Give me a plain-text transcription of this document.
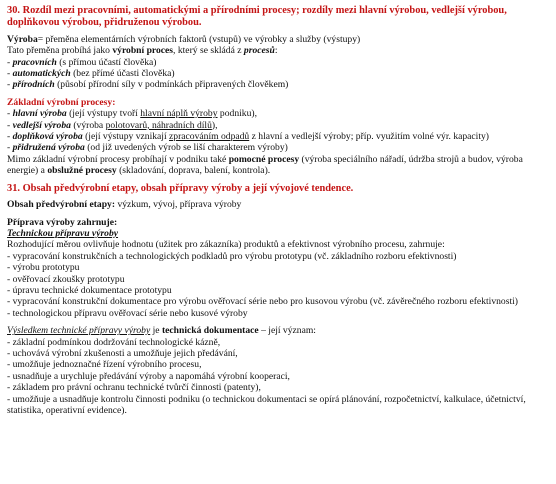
30. Rozdíl mezi pracovními, automatickými a přírodními procesy; rozdíly mezi hlavní výrobou, vedlejší výrobou, doplňkovou výrobou, přidruženou výrobou.
Výroba= přeměna elementárních výrobních faktorů (vstupů) ve výrobky a služby (výstupy)
Tato přeměna probíhá jako výrobní proces, který se skládá z procesů:
- pracovních (s přímou účastí člověka)
- automatických (bez přímé účasti člověka)
- přírodních (působí přírodní síly v podmínkách připravených člověkem)
Základní výrobní procesy:
- hlavní výroba (její výstupy tvoří hlavní náplň výroby podniku),
- vedlejší výroba (výroba polotovarů, náhradních dílů),
- doplňková výroba (její výstupy vznikají zpracováním odpadů z hlavní a vedlejší výroby; příp. využitím volné výr. kapacity)
- přidružená výroba (od již uvedených výrob se liší charakterem výroby)
Mimo základní výrobní procesy probíhají v podniku také pomocné procesy (výroba speciálního nářadí, údržba strojů a budov, výroba energie) a obslužné procesy (skladování, doprava, balení, kontrola).
31. Obsah předvýrobní etapy, obsah přípravy výroby a její vývojové tendence.
Obsah předvýrobní etapy: výzkum, vývoj, příprava výroby
Příprava výroby zahrnuje:
Technickou přípravu výroby
Rozhodující měrou ovlivňuje hodnotu (užitek pro zákazníka) produktů a efektivnost výrobního procesu, zahrnuje:
- vypracování konstrukčních a technologických podkladů pro výrobu prototypu (vč. základního rozboru efektivnosti)
- výrobu prototypu
- ověřovací zkoušky prototypu
- úpravu technické dokumentace prototypu
- vypracování konstrukční dokumentace pro výrobu ověřovací série nebo pro kusovou výrobu (vč. závěrečného rozboru efektivnosti)
- technologickou přípravu ověřovací série nebo kusové výroby
Výsledkem technické přípravy výroby je technická dokumentace – její význam:
- základní podmínkou dodržování technologické kázně,
- uchovává výrobní zkušenosti a umožňuje jejich předávání,
- umožňuje jednoznačné řízení výrobního procesu,
- usnadňuje a urychluje předávání výroby a napomáhá výrobní kooperaci,
- základem pro právní ochranu technické tvůrčí činnosti (patenty),
- umožňuje a usnadňuje kontrolu činnosti podniku (o technickou dokumentaci se opírá plánování, rozpočetnictví, kalkulace, účetnictví, statistika, operativní evidence).
